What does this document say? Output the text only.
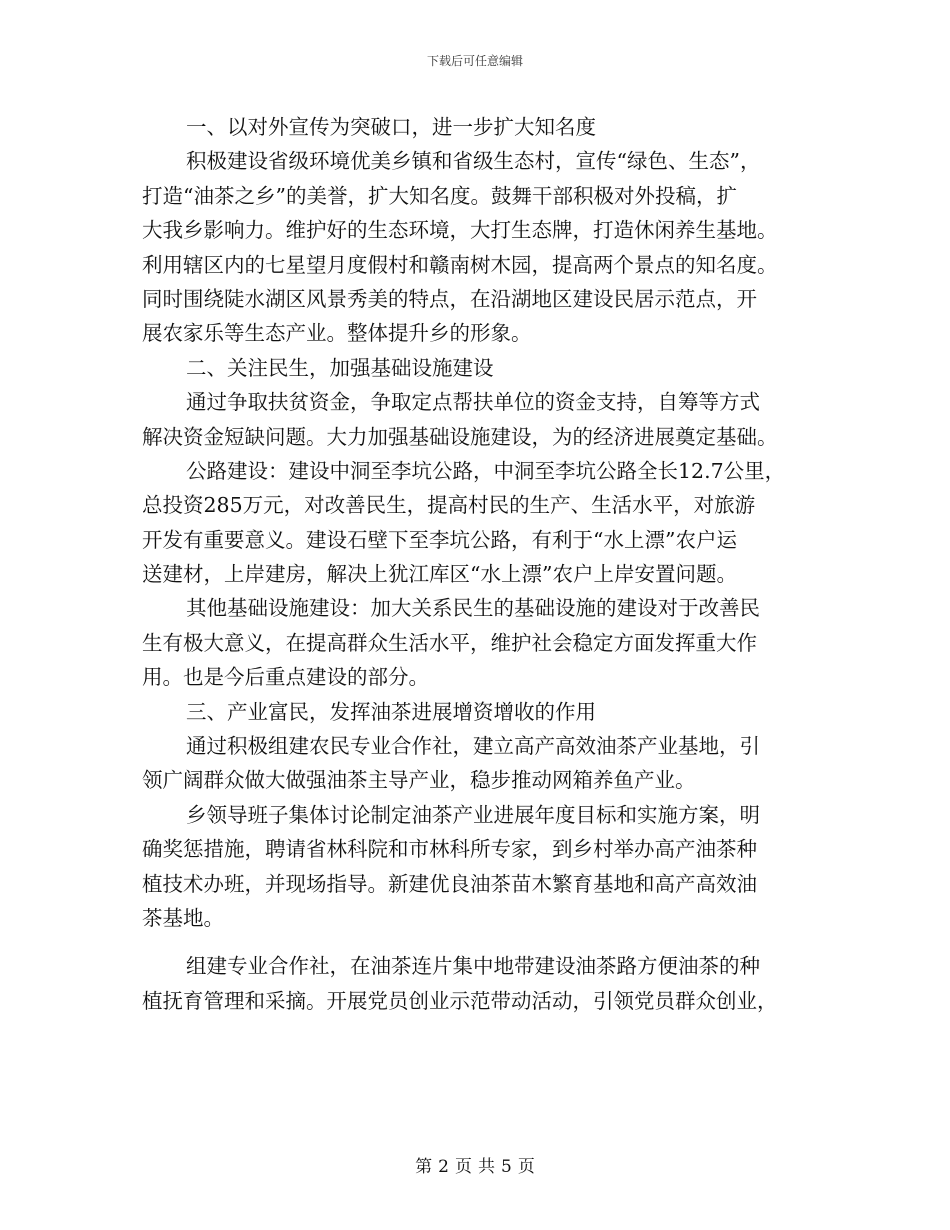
下载后可任意编辑
一、以对外宣传为突破口，进一步扩大知名度
积极建设省级环境优美乡镇和省级生态村，宣传“绿色、生态”，
打造“油茶之乡”的美誉，扩大知名度。鼓舞干部积极对外投稿，扩
大我乡影响力。维护好的生态环境，大打生态牌，打造休闲养生基地。
利用辖区内的七星望月度假村和赣南树木园，提高两个景点的知名度。
同时围绕陡水湖区风景秀美的特点，在沿湖地区建设民居示范点，开
展农家乐等生态产业。整体提升乡的形象。
二、关注民生，加强基础设施建设
通过争取扶贫资金，争取定点帮扶单位的资金支持，自筹等方式
解决资金短缺问题。大力加强基础设施建设，为的经济进展奠定基础。
公路建设：建设中洞至李坑公路，中洞至李坑公路全长12.7公里，
总投资285万元，对改善民生，提高村民的生产、生活水平，对旅游
开发有重要意义。建设石壁下至李坑公路，有利于“水上漂”农户运
送建材，上岸建房，解决上犹江库区“水上漂”农户上岸安置问题。
其他基础设施建设：加大关系民生的基础设施的建设对于改善民
生有极大意义，在提高群众生活水平，维护社会稳定方面发挥重大作
用。也是今后重点建设的部分。
三、产业富民，发挥油茶进展增资增收的作用
通过积极组建农民专业合作社，建立高产高效油茶产业基地，引
领广阔群众做大做强油茶主导产业，稳步推动网箱养鱼产业。
乡领导班子集体讨论制定油茶产业进展年度目标和实施方案，明
确奖惩措施，聘请省林科院和市林科所专家，到乡村举办高产油茶种
植技术办班，并现场指导。新建优良油茶苗木繁育基地和高产高效油
茶基地。
组建专业合作社，在油茶连片集中地带建设油茶路方便油茶的种
植抚育管理和采摘。开展党员创业示范带动活动，引领党员群众创业，
第 2 页 共 5 页
